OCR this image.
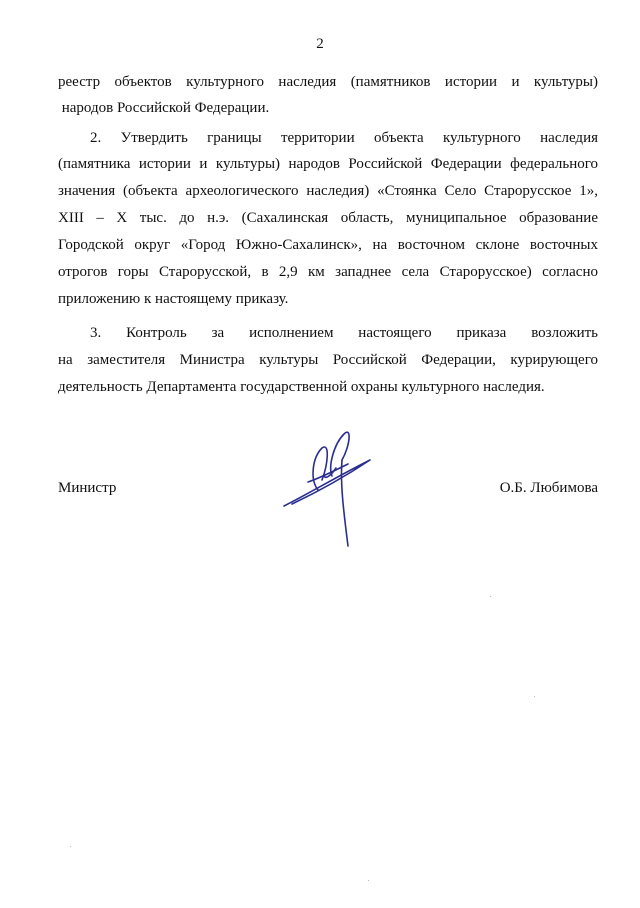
2
реестр объектов культурного наследия (памятников истории и культуры)
народов Российской Федерации.
2. Утвердить границы территории объекта культурного наследия
(памятника истории и культуры) народов Российской Федерации федерального
значения (объекта археологического наследия) «Стоянка Село Старорусское 1»,
XIII – X тыс. до н.э. (Сахалинская область, муниципальное образование
Городской округ «Город Южно-Сахалинск», на восточном склоне восточных
отрогов горы Старорусской, в 2,9 км западнее села Старорусское) согласно
приложению к настоящему приказу.
3. Контроль за исполнением настоящего приказа возложить
на заместителя Министра культуры Российской Федерации, курирующего
деятельность Департамента государственной охраны культурного наследия.
Министр	О.Б. Любимова
